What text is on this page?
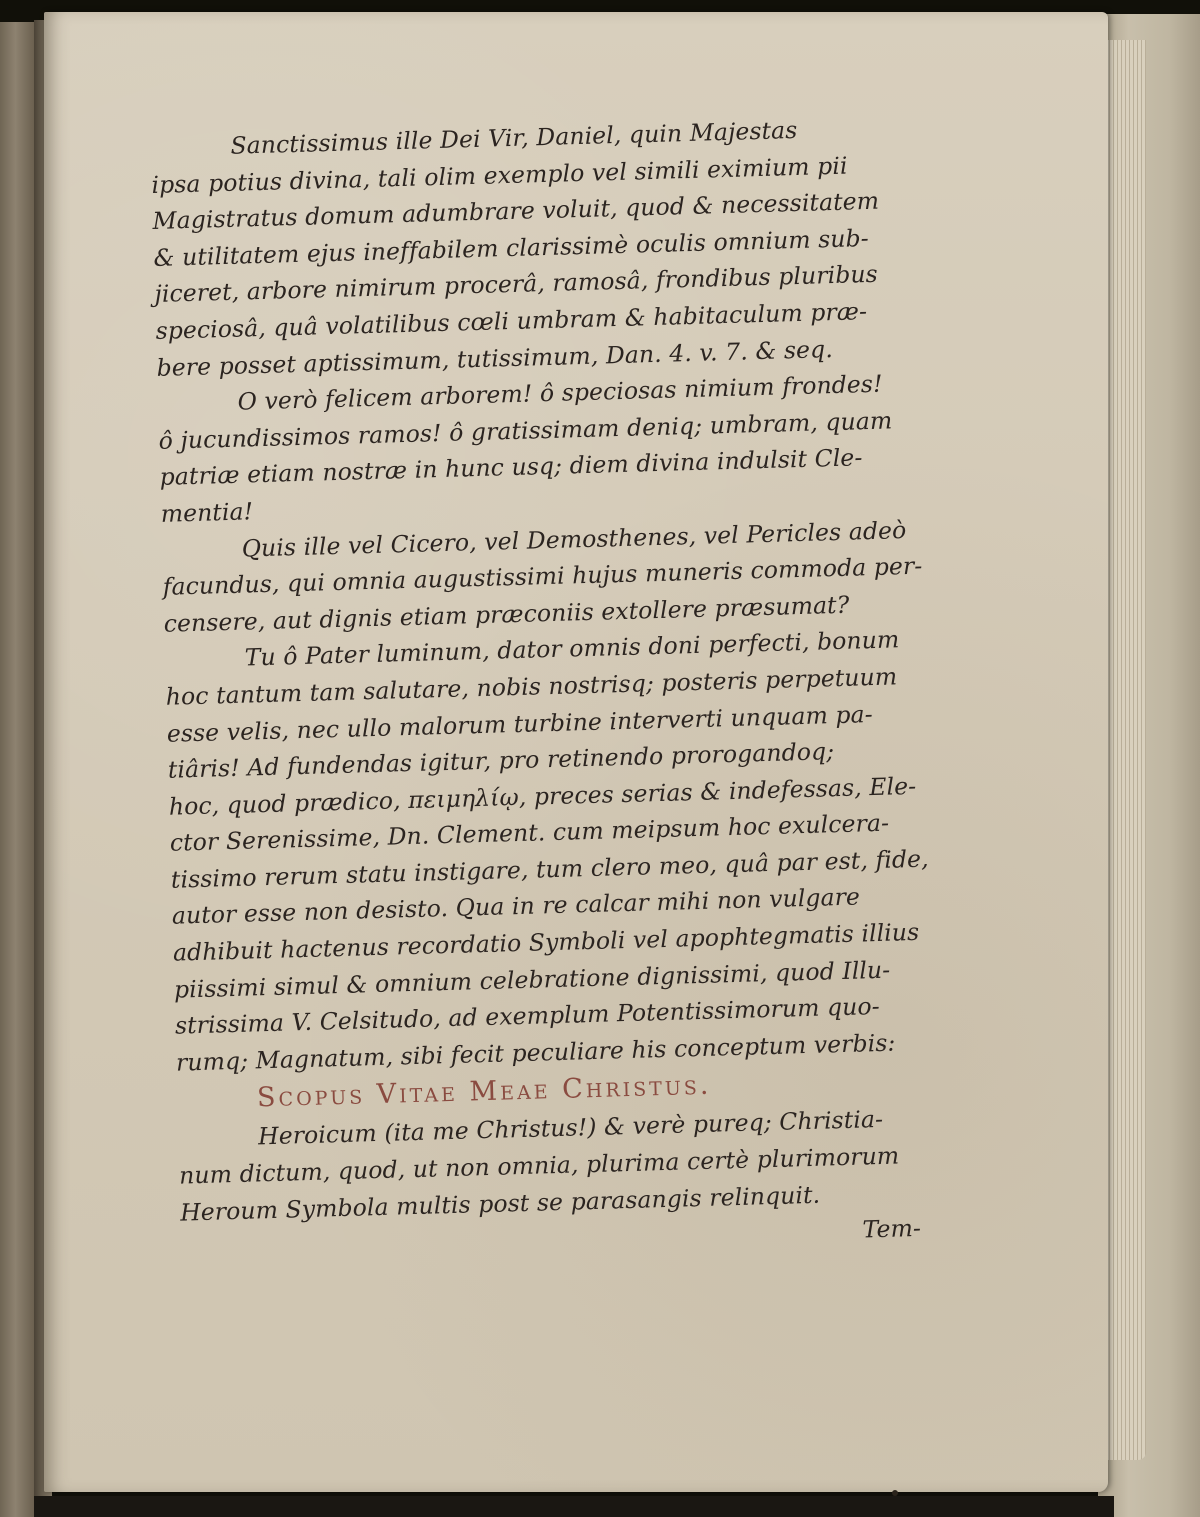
Sanctissimus ille Dei Vir, Daniel, quin Majestas
ipsa potius divina, tali olim exemplo vel simili eximium pii
Magistratus domum adumbrare voluit, quod & necessitatem
& utilitatem ejus ineffabilem clarissimè oculis omnium sub-
jiceret, arbore nimirum procerâ, ramosâ, frondibus pluribus
speciosâ, quâ volatilibus cœli umbram & habitaculum præ-
bere posset aptissimum, tutissimum, Dan. 4. v. 7. & seq.
O verò felicem arborem! ô speciosas nimium frondes!
ô jucundissimos ramos! ô gratissimam deniq; umbram, quam
patriæ etiam nostræ in hunc usq; diem divina indulsit Cle-
mentia!
Quis ille vel Cicero, vel Demosthenes, vel Pericles adeò
facundus, qui omnia augustissimi hujus muneris commoda per-
censere, aut dignis etiam præconiis extollere præsumat?
Tu ô Pater luminum, dator omnis doni perfecti, bonum
hoc tantum tam salutare, nobis nostrisq; posteris perpetuum
esse velis, nec ullo malorum turbine interverti unquam pa-
tiâris! Ad fundendas igitur, pro retinendo prorogandoq;
hoc, quod prædico, πειμηλίῳ, preces serias & indefessas, Ele-
ctor Serenissime, Dn. Clement. cum meipsum hoc exulcera-
tissimo rerum statu instigare, tum clero meo, quâ par est, fide,
autor esse non desisto. Qua in re calcar mihi non vulgare
adhibuit hactenus recordatio Symboli vel apophtegmatis illius
piissimi simul & omnium celebratione dignissimi, quod Illu-
strissima V. Celsitudo, ad exemplum Potentissimorum quo-
rumq; Magnatum, sibi fecit peculiare his conceptum verbis:
Scopus Vitae Meae Christus.
Heroicum (ita me Christus!) & verè pureq; Christia-
num dictum, quod, ut non omnia, plurima certè plurimorum
Heroum Symbola multis post se parasangis relinquit.
Tem-
